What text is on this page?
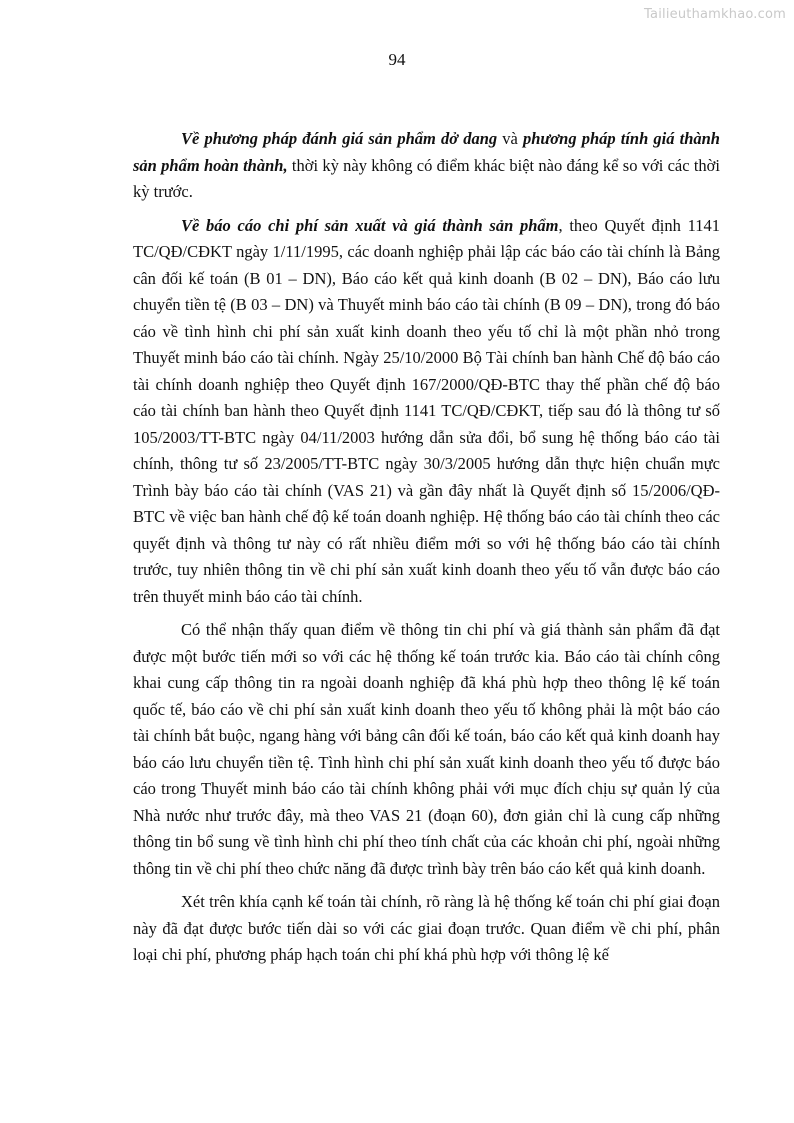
Tailieuthamkhao.com
94

Về phương pháp đánh giá sản phẩm dở dang và phương pháp tính giá thành sản phẩm hoàn thành, thời kỳ này không có điểm khác biệt nào đáng kể so với các thời kỳ trước.

Về báo cáo chi phí sản xuất và giá thành sản phẩm, theo Quyết định 1141 TC/QĐ/CĐKT ngày 1/11/1995, các doanh nghiệp phải lập các báo cáo tài chính là Bảng cân đối kế toán (B 01 – DN), Báo cáo kết quả kinh doanh (B 02 – DN), Báo cáo lưu chuyển tiền tệ (B 03 – DN) và Thuyết minh báo cáo tài chính (B 09 – DN), trong đó báo cáo về tình hình chi phí sản xuất kinh doanh theo yếu tố chỉ là một phần nhỏ trong Thuyết minh báo cáo tài chính. Ngày 25/10/2000 Bộ Tài chính ban hành Chế độ báo cáo tài chính doanh nghiệp theo Quyết định 167/2000/QĐ-BTC thay thế phần chế độ báo cáo tài chính ban hành theo Quyết định 1141 TC/QĐ/CĐKT, tiếp sau đó là thông tư số 105/2003/TT-BTC ngày 04/11/2003 hướng dẫn sửa đổi, bổ sung hệ thống báo cáo tài chính, thông tư số 23/2005/TT-BTC ngày 30/3/2005 hướng dẫn thực hiện chuẩn mực Trình bày báo cáo tài chính (VAS 21) và gần đây nhất là Quyết định số 15/2006/QĐ-BTC về việc ban hành chế độ kế toán doanh nghiệp. Hệ thống báo cáo tài chính theo các quyết định và thông tư này có rất nhiều điểm mới so với hệ thống báo cáo tài chính trước, tuy nhiên thông tin về chi phí sản xuất kinh doanh theo yếu tố vẫn được báo cáo trên thuyết minh báo cáo tài chính.

Có thể nhận thấy quan điểm về thông tin chi phí và giá thành sản phẩm đã đạt được một bước tiến mới so với các hệ thống kế toán trước kia. Báo cáo tài chính công khai cung cấp thông tin ra ngoài doanh nghiệp đã khá phù hợp theo thông lệ kế toán quốc tế, báo cáo về chi phí sản xuất kinh doanh theo yếu tố không phải là một báo cáo tài chính bắt buộc, ngang hàng với bảng cân đối kế toán, báo cáo kết quả kinh doanh hay báo cáo lưu chuyển tiền tệ. Tình hình chi phí sản xuất kinh doanh theo yếu tố được báo cáo trong Thuyết minh báo cáo tài chính không phải với mục đích chịu sự quản lý của Nhà nước như trước đây, mà theo VAS 21 (đoạn 60), đơn giản chỉ là cung cấp những thông tin bổ sung về tình hình chi phí theo tính chất của các khoản chi phí, ngoài những thông tin về chi phí theo chức năng đã được trình bày trên báo cáo kết quả kinh doanh.

Xét trên khía cạnh kế toán tài chính, rõ ràng là hệ thống kế toán chi phí giai đoạn này đã đạt được bước tiến dài so với các giai đoạn trước. Quan điểm về chi phí, phân loại chi phí, phương pháp hạch toán chi phí khá phù hợp với thông lệ kế
